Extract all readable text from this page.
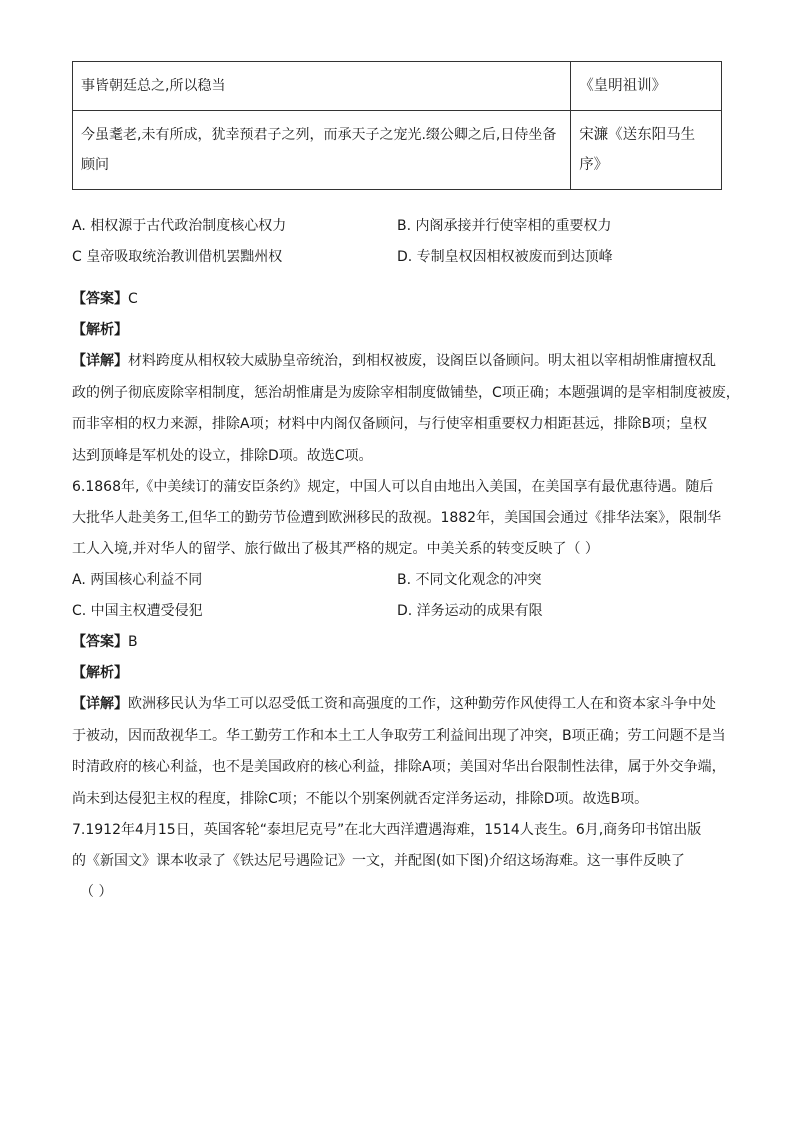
事皆朝廷总之,所以稳当	《皇明祖训》
今虽耄老,未有所成，犹幸预君子之列，而承天子之宠光.缀公卿之后,日侍坐备顾问	宋濂《送东阳马生序》
A. 相权源于古代政治制度核心权力	B. 内阁承接并行使宰相的重要权力
C 皇帝吸取统治教训借机罢黜州权	D. 专制皇权因相权被废而到达顶峰
【答案】C
【解析】
【详解】材料跨度从相权较大威胁皇帝统治，到相权被废，设阁臣以备顾问。明太祖以宰相胡惟庸擅权乱
政的例子彻底废除宰相制度，惩治胡惟庸是为废除宰相制度做铺垫，C项正确；本题强调的是宰相制度被废，
而非宰相的权力来源，排除A项；材料中内阁仅备顾问，与行使宰相重要权力相距甚远，排除B项；皇权
达到顶峰是军机处的设立，排除D项。故选C项。
6.1868年,《中美续订的蒲安臣条约》规定，中国人可以自由地出入美国，在美国享有最优惠待遇。随后
大批华人赴美务工,但华工的勤劳节俭遭到欧洲移民的敌视。1882年，美国国会通过《排华法案》，限制华
工人入境,并对华人的留学、旅行做出了极其严格的规定。中美关系的转变反映了（ ）
A. 两国核心利益不同	B. 不同文化观念的冲突
C. 中国主权遭受侵犯	D. 洋务运动的成果有限
【答案】B
【解析】
【详解】欧洲移民认为华工可以忍受低工资和高强度的工作，这种勤劳作风使得工人在和资本家斗争中处
于被动，因而敌视华工。华工勤劳工作和本土工人争取劳工利益间出现了冲突，B项正确；劳工问题不是当
时清政府的核心利益，也不是美国政府的核心利益，排除A项；美国对华出台限制性法律，属于外交争端，
尚未到达侵犯主权的程度，排除C项；不能以个别案例就否定洋务运动，排除D项。故选B项。
7.1912年4月15日，英国客轮“泰坦尼克号”在北大西洋遭遇海难，1514人丧生。6月,商务印书馆出版
的《新国文》课本收录了《铁达尼号遇险记》一文，并配图(如下图)介绍这场海难。这一事件反映了
（ ）
